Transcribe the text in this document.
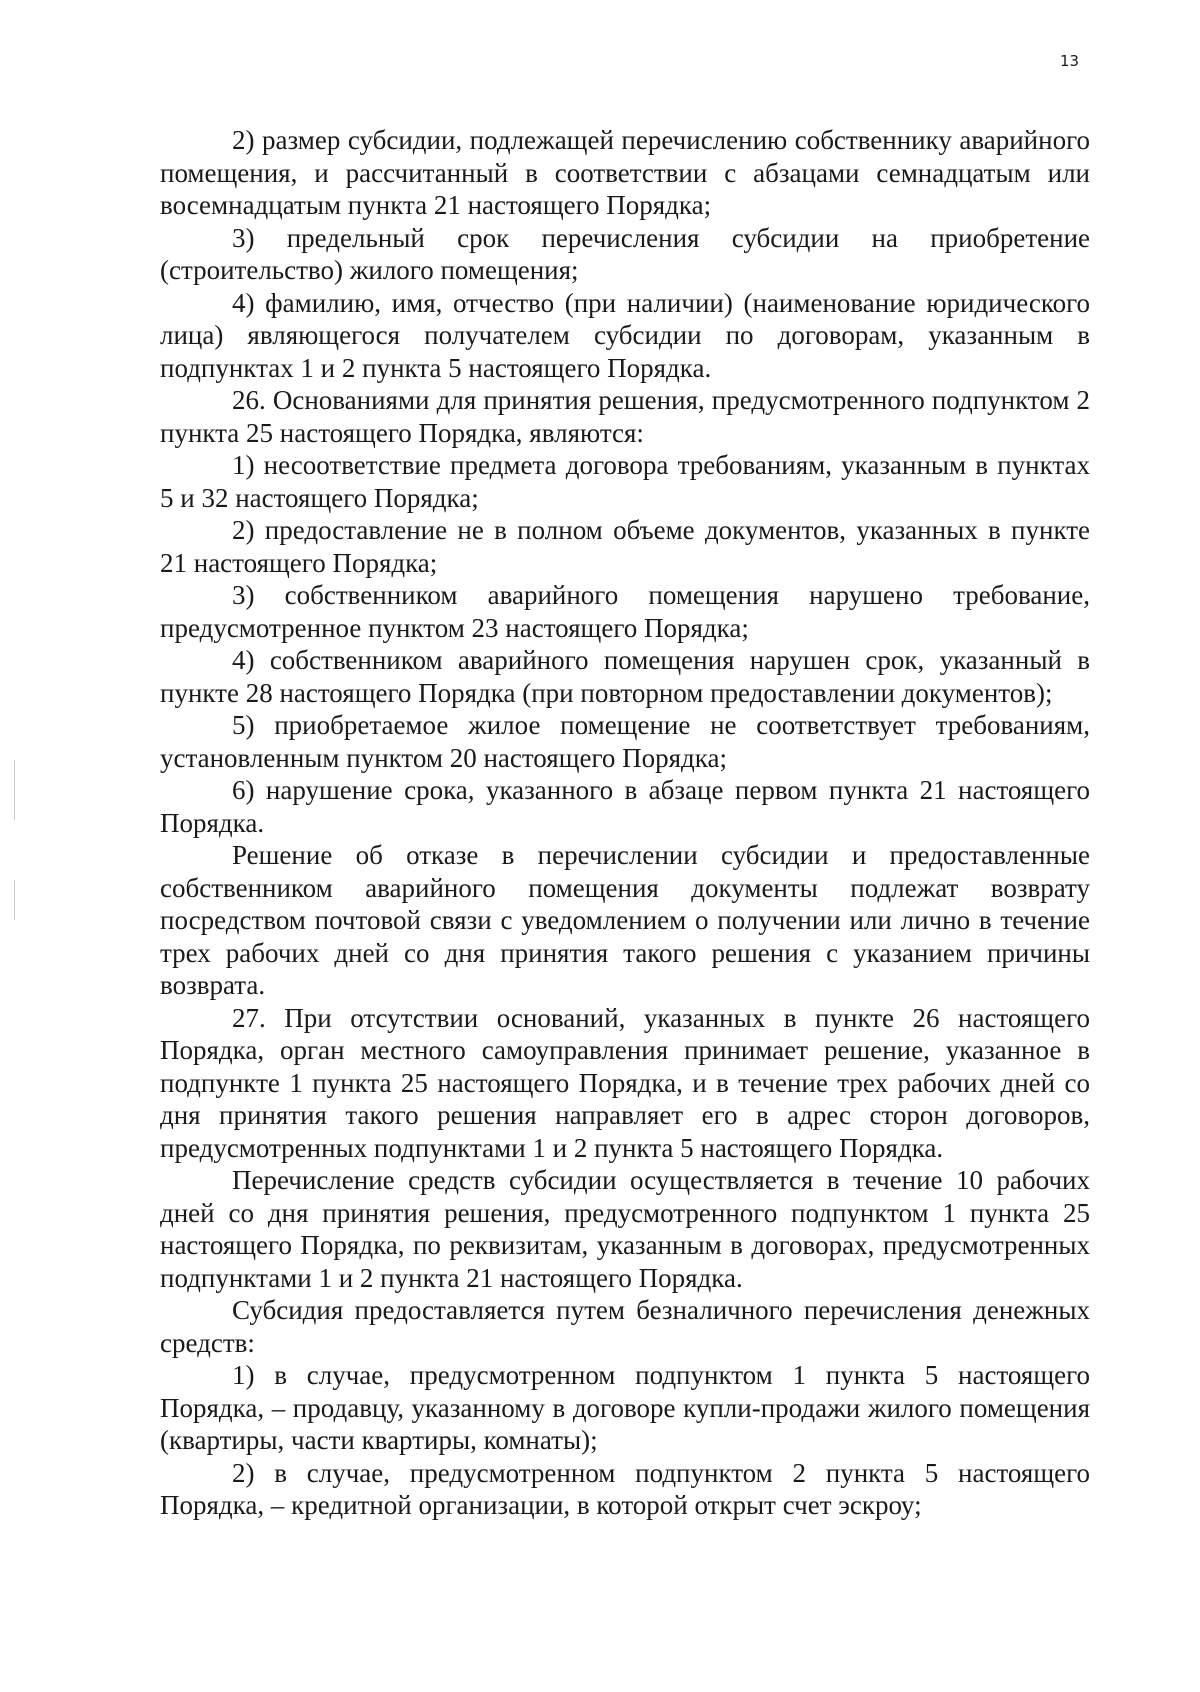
13

2) размер субсидии, подлежащей перечислению собственнику аварийного помещения, и рассчитанный в соответствии с абзацами семнадцатым или восемнадцатым пункта 21 настоящего Порядка;

3) предельный срок перечисления субсидии на приобретение (строительство) жилого помещения;

4) фамилию, имя, отчество (при наличии) (наименование юридического лица) являющегося получателем субсидии по договорам, указанным в подпунктах 1 и 2 пункта 5 настоящего Порядка.

26. Основаниями для принятия решения, предусмотренного подпунктом 2 пункта 25 настоящего Порядка, являются:

1) несоответствие предмета договора требованиям, указанным в пунктах 5 и 32 настоящего Порядка;

2) предоставление не в полном объеме документов, указанных в пункте 21 настоящего Порядка;

3) собственником аварийного помещения нарушено требование, предусмотренное пунктом 23 настоящего Порядка;

4) собственником аварийного помещения нарушен срок, указанный в пункте 28 настоящего Порядка (при повторном предоставлении документов);

5) приобретаемое жилое помещение не соответствует требованиям, установленным пунктом 20 настоящего Порядка;

6) нарушение срока, указанного в абзаце первом пункта 21 настоящего Порядка.

Решение об отказе в перечислении субсидии и предоставленные собственником аварийного помещения документы подлежат возврату посредством почтовой связи с уведомлением о получении или лично в течение трех рабочих дней со дня принятия такого решения с указанием причины возврата.

27. При отсутствии оснований, указанных в пункте 26 настоящего Порядка, орган местного самоуправления принимает решение, указанное в подпункте 1 пункта 25 настоящего Порядка, и в течение трех рабочих дней со дня принятия такого решения направляет его в адрес сторон договоров, предусмотренных подпунктами 1 и 2 пункта 5 настоящего Порядка.

Перечисление средств субсидии осуществляется в течение 10 рабочих дней со дня принятия решения, предусмотренного подпунктом 1 пункта 25 настоящего Порядка, по реквизитам, указанным в договорах, предусмотренных подпунктами 1 и 2 пункта 21 настоящего Порядка.

Субсидия предоставляется путем безналичного перечисления денежных средств:

1) в случае, предусмотренном подпунктом 1 пункта 5 настоящего Порядка, – продавцу, указанному в договоре купли-продажи жилого помещения (квартиры, части квартиры, комнаты);

2) в случае, предусмотренном подпунктом 2 пункта 5 настоящего Порядка, – кредитной организации, в которой открыт счет эскроу;
